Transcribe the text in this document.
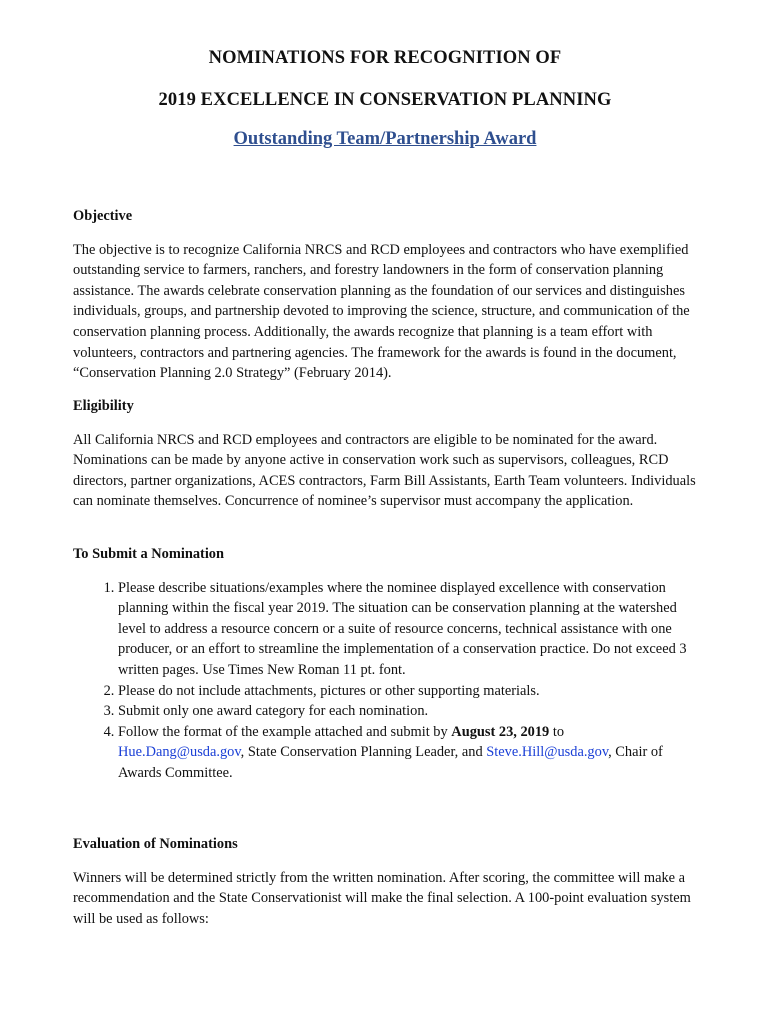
NOMINATIONS FOR RECOGNITION OF
2019 EXCELLENCE IN CONSERVATION PLANNING
Outstanding Team/Partnership Award
Objective
The objective is to recognize California NRCS and RCD employees and contractors who have exemplified outstanding service to farmers, ranchers, and forestry landowners in the form of conservation planning assistance. The awards celebrate conservation planning as the foundation of our services and distinguishes individuals, groups, and partnership devoted to improving the science, structure, and communication of the conservation planning process. Additionally, the awards recognize that planning is a team effort with volunteers, contractors and partnering agencies. The framework for the awards is found in the document, “Conservation Planning 2.0 Strategy” (February 2014).
Eligibility
All California NRCS and RCD employees and contractors are eligible to be nominated for the award. Nominations can be made by anyone active in conservation work such as supervisors, colleagues, RCD directors, partner organizations, ACES contractors, Farm Bill Assistants, Earth Team volunteers. Individuals can nominate themselves. Concurrence of nominee’s supervisor must accompany the application.
To Submit a Nomination
1. Please describe situations/examples where the nominee displayed excellence with conservation planning within the fiscal year 2019. The situation can be conservation planning at the watershed level to address a resource concern or a suite of resource concerns, technical assistance with one producer, or an effort to streamline the implementation of a conservation practice. Do not exceed 3 written pages. Use Times New Roman 11 pt. font.
2. Please do not include attachments, pictures or other supporting materials.
3. Submit only one award category for each nomination.
4. Follow the format of the example attached and submit by August 23, 2019 to
Hue.Dang@usda.gov, State Conservation Planning Leader, and Steve.Hill@usda.gov, Chair of Awards Committee.
Evaluation of Nominations
Winners will be determined strictly from the written nomination. After scoring, the committee will make a recommendation and the State Conservationist will make the final selection. A 100-point evaluation system will be used as follows:
